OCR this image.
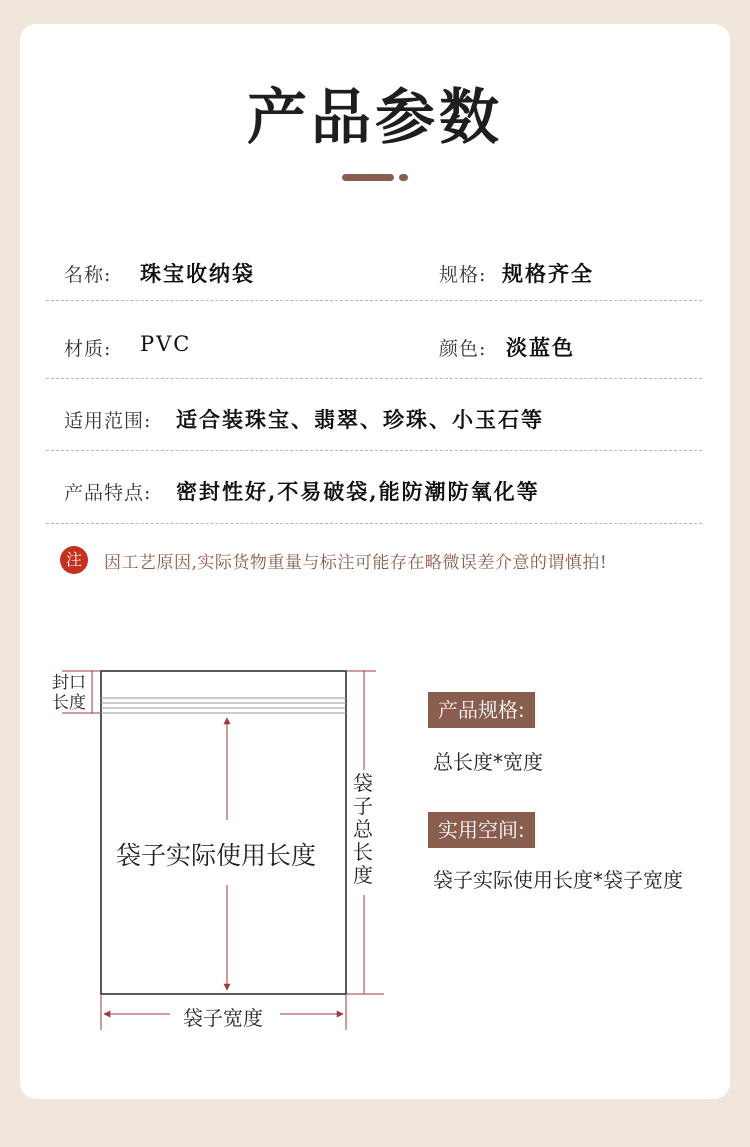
产品参数
名称: 珠宝收纳袋	规格: 规格齐全
材质: PVC	颜色: 淡蓝色
适用范围: 适合装珠宝、翡翠、珍珠、小玉石等
产品特点: 密封性好,不易破袋,能防潮防氧化等
注	因工艺原因,实际货物重量与标注可能存在略微误差介意的谓慎拍!
封口
长度
袋子实际使用长度
袋
子
总
长
度
袋子宽度
产品规格:
总长度*宽度
实用空间:
袋子实际使用长度*袋子宽度
